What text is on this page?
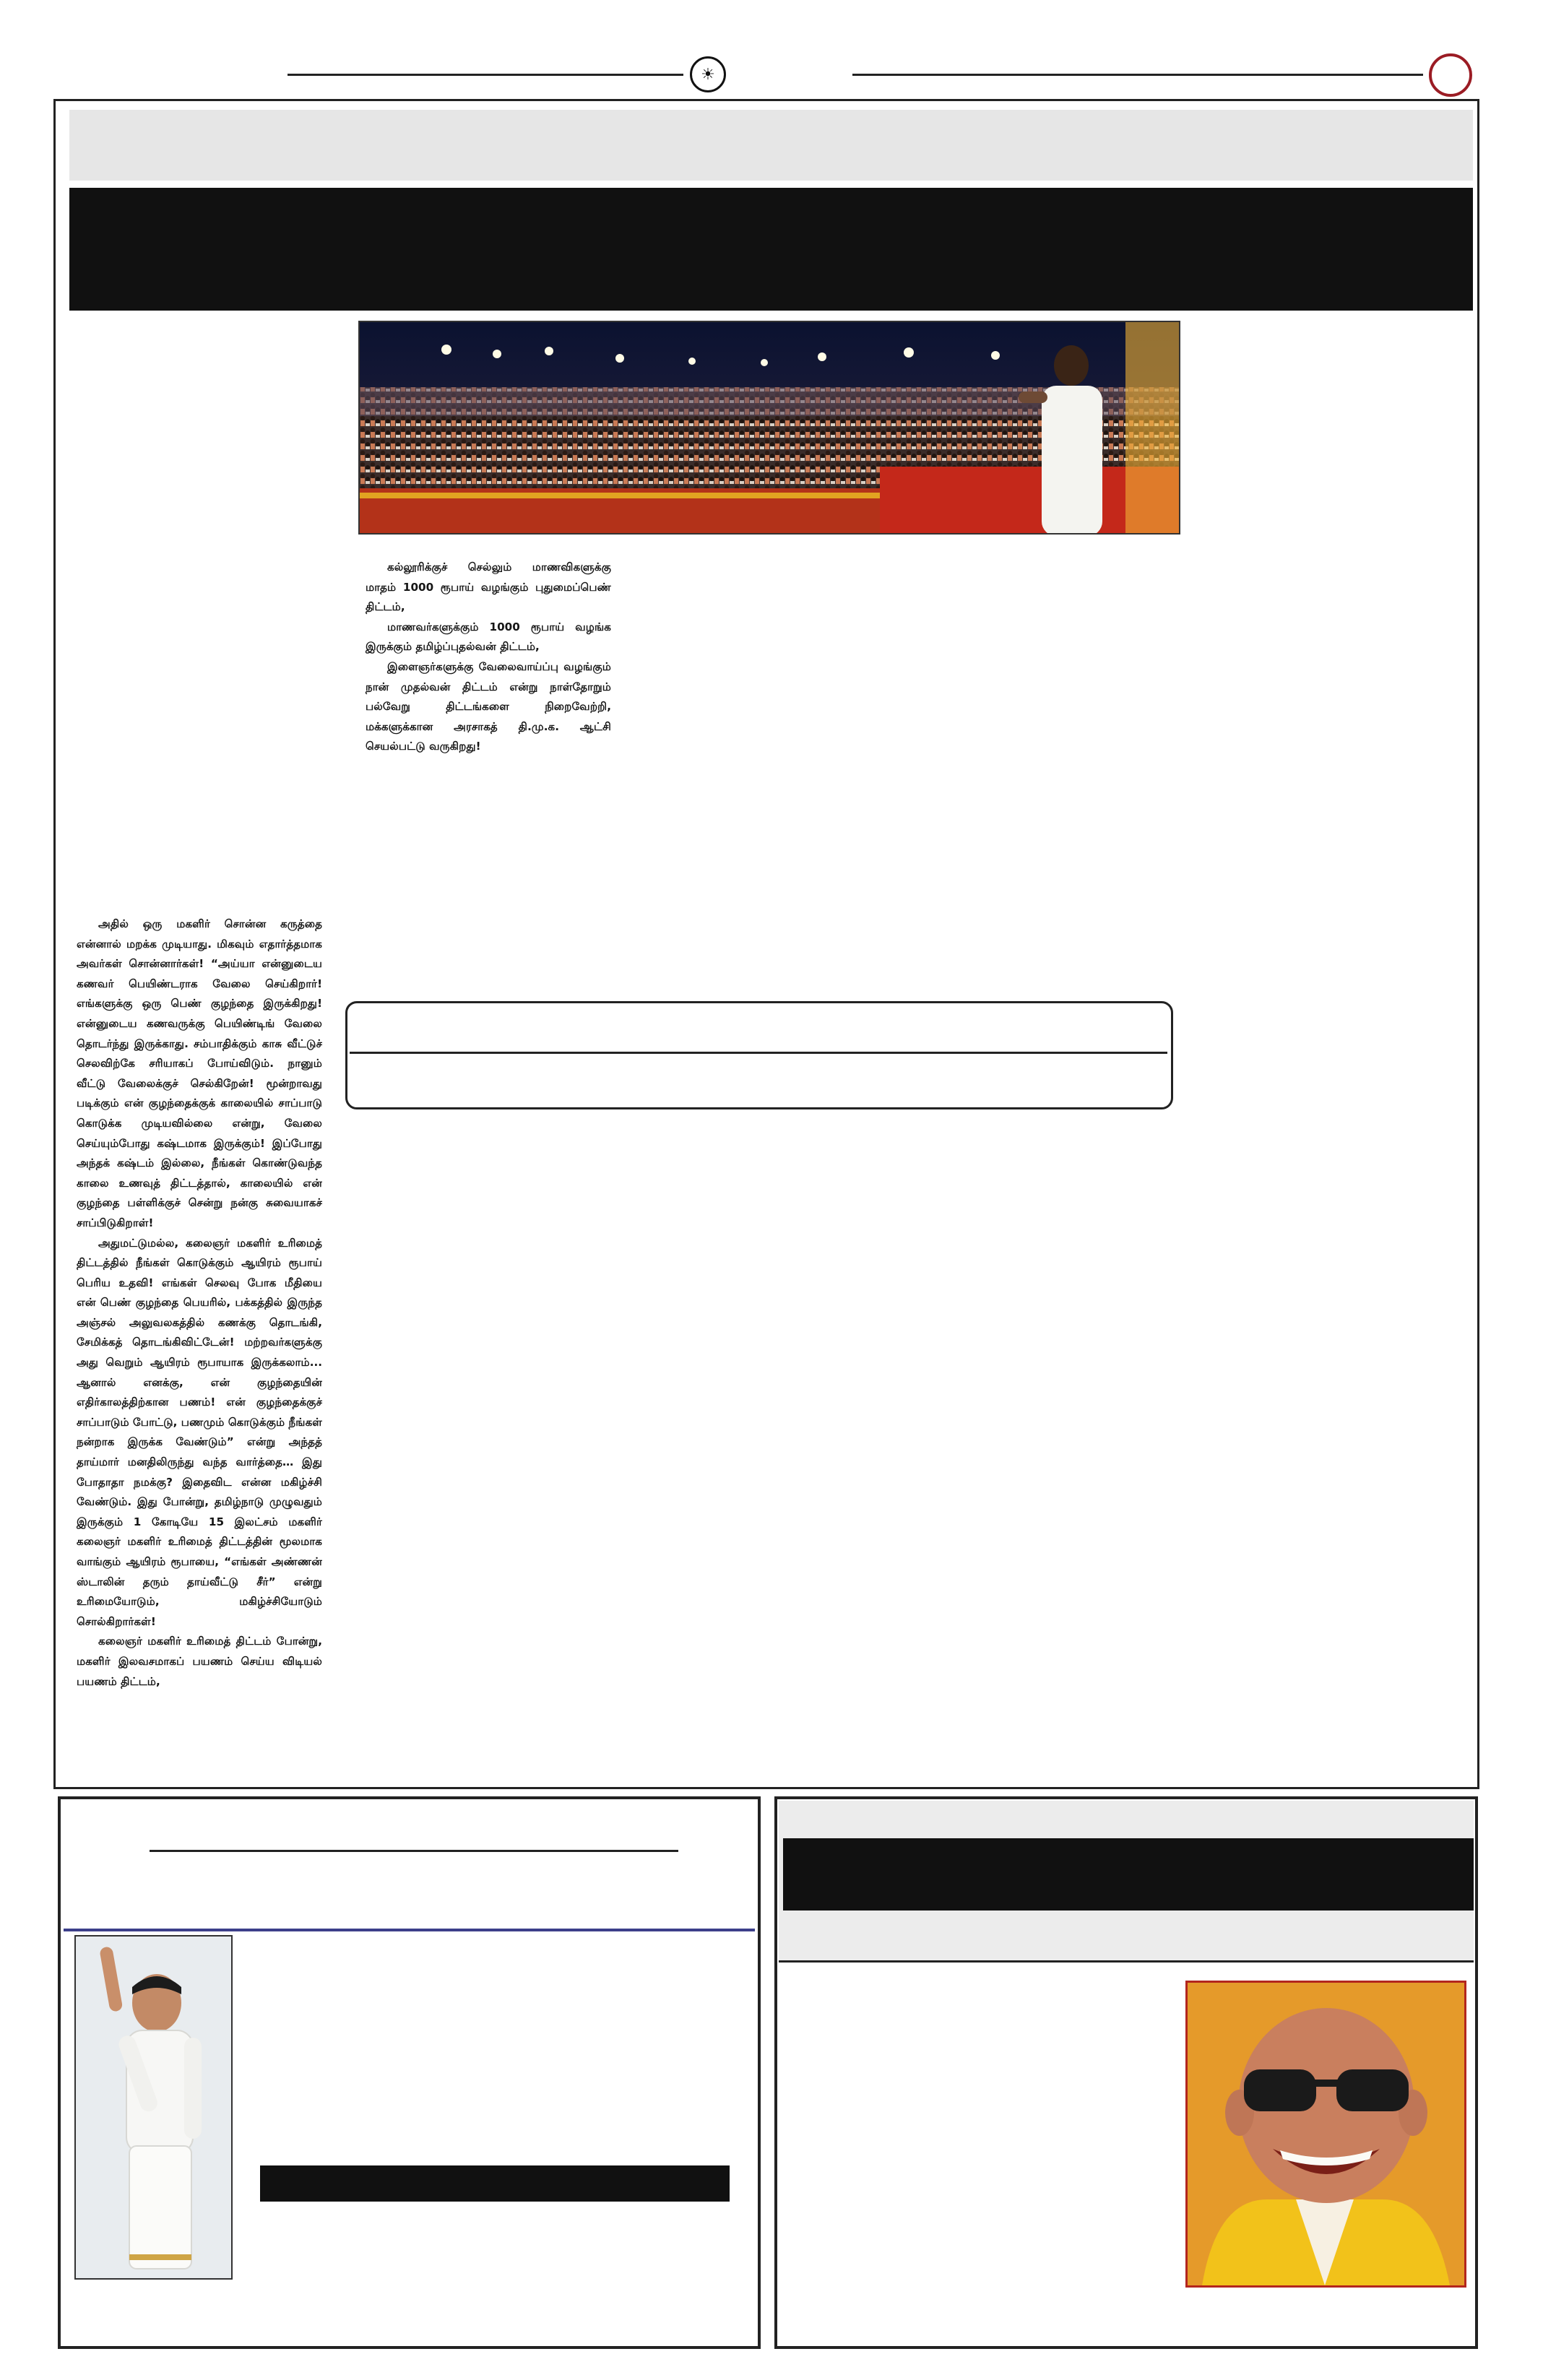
☀

கல்லூரிக்குச் செல்லும் மாணவிகளுக்கு மாதம் 1000 ரூபாய் வழங்கும் புதுமைப்பெண் திட்டம்,

மாணவர்களுக்கும் 1000 ரூபாய் வழங்க இருக்கும் தமிழ்ப்புதல்வன் திட்டம்,

இளைஞர்களுக்கு வேலைவாய்ப்பு வழங்கும் நான் முதல்வன் திட்டம் என்று நாள்தோறும் பல்வேறு திட்டங்களை நிறைவேற்றி, மக்களுக்கான அரசாகத் தி.மு.க. ஆட்சி செயல்பட்டு வருகிறது!

அதில் ஒரு மகளிர் சொன்ன கருத்தை என்னால் மறக்க முடியாது. மிகவும் எதார்த்தமாக அவர்கள் சொன்னார்கள்! “அய்யா என்னுடைய கணவர் பெயிண்டராக வேலை செய்கிறார்! எங்களுக்கு ஒரு பெண் குழந்தை இருக்கிறது! என்னுடைய கணவருக்கு பெயிண்டிங் வேலை தொடர்ந்து இருக்காது. சம்பாதிக்கும் காசு வீட்டுச் செலவிற்கே சரியாகப் போய்விடும். நானும் வீட்டு வேலைக்குச் செல்கிறேன்! மூன்றாவது படிக்கும் என் குழந்தைக்குக் காலையில் சாப்பாடு கொடுக்க முடியவில்லை என்று, வேலை செய்யும்போது கஷ்டமாக இருக்கும்! இப்போது அந்தக் கஷ்டம் இல்லை, நீங்கள் கொண்டுவந்த காலை உணவுத் திட்டத்தால், காலையில் என் குழந்தை பள்ளிக்குச் சென்று நன்கு சுவையாகச் சாப்பிடுகிறாள்!

அதுமட்டுமல்ல, கலைஞர் மகளிர் உரிமைத் திட்டத்தில் நீங்கள் கொடுக்கும் ஆயிரம் ரூபாய் பெரிய உதவி! எங்கள் செலவு போக மீதியை என் பெண் குழந்தை பெயரில், பக்கத்தில் இருந்த அஞ்சல் அலுவலகத்தில் கணக்கு தொடங்கி, சேமிக்கத் தொடங்கிவிட்டேன்! மற்றவர்களுக்கு அது வெறும் ஆயிரம் ரூபாயாக இருக்கலாம்... ஆனால் எனக்கு, என் குழந்தையின் எதிர்காலத்திற்கான பணம்! என் குழந்தைக்குச் சாப்பாடும் போட்டு, பணமும் கொடுக்கும் நீங்கள் நன்றாக இருக்க வேண்டும்” என்று அந்தத் தாய்மார் மனதிலிருந்து வந்த வார்த்தை… இது போதாதா நமக்கு? இதைவிட என்ன மகிழ்ச்சி வேண்டும். இது போன்று, தமிழ்நாடு முழுவதும் இருக்கும் 1 கோடியே 15 இலட்சம் மகளிர் கலைஞர் மகளிர் உரிமைத் திட்டத்தின் மூலமாக வாங்கும் ஆயிரம் ரூபாயை, “எங்கள் அண்ணன் ஸ்டாலின் தரும் தாய்வீட்டு சீர்” என்று உரிமையோடும், மகிழ்ச்சியோடும் சொல்கிறார்கள்!

கலைஞர் மகளிர் உரிமைத் திட்டம் போன்று, மகளிர் இலவசமாகப் பயணம் செய்ய விடியல் பயணம் திட்டம்,
